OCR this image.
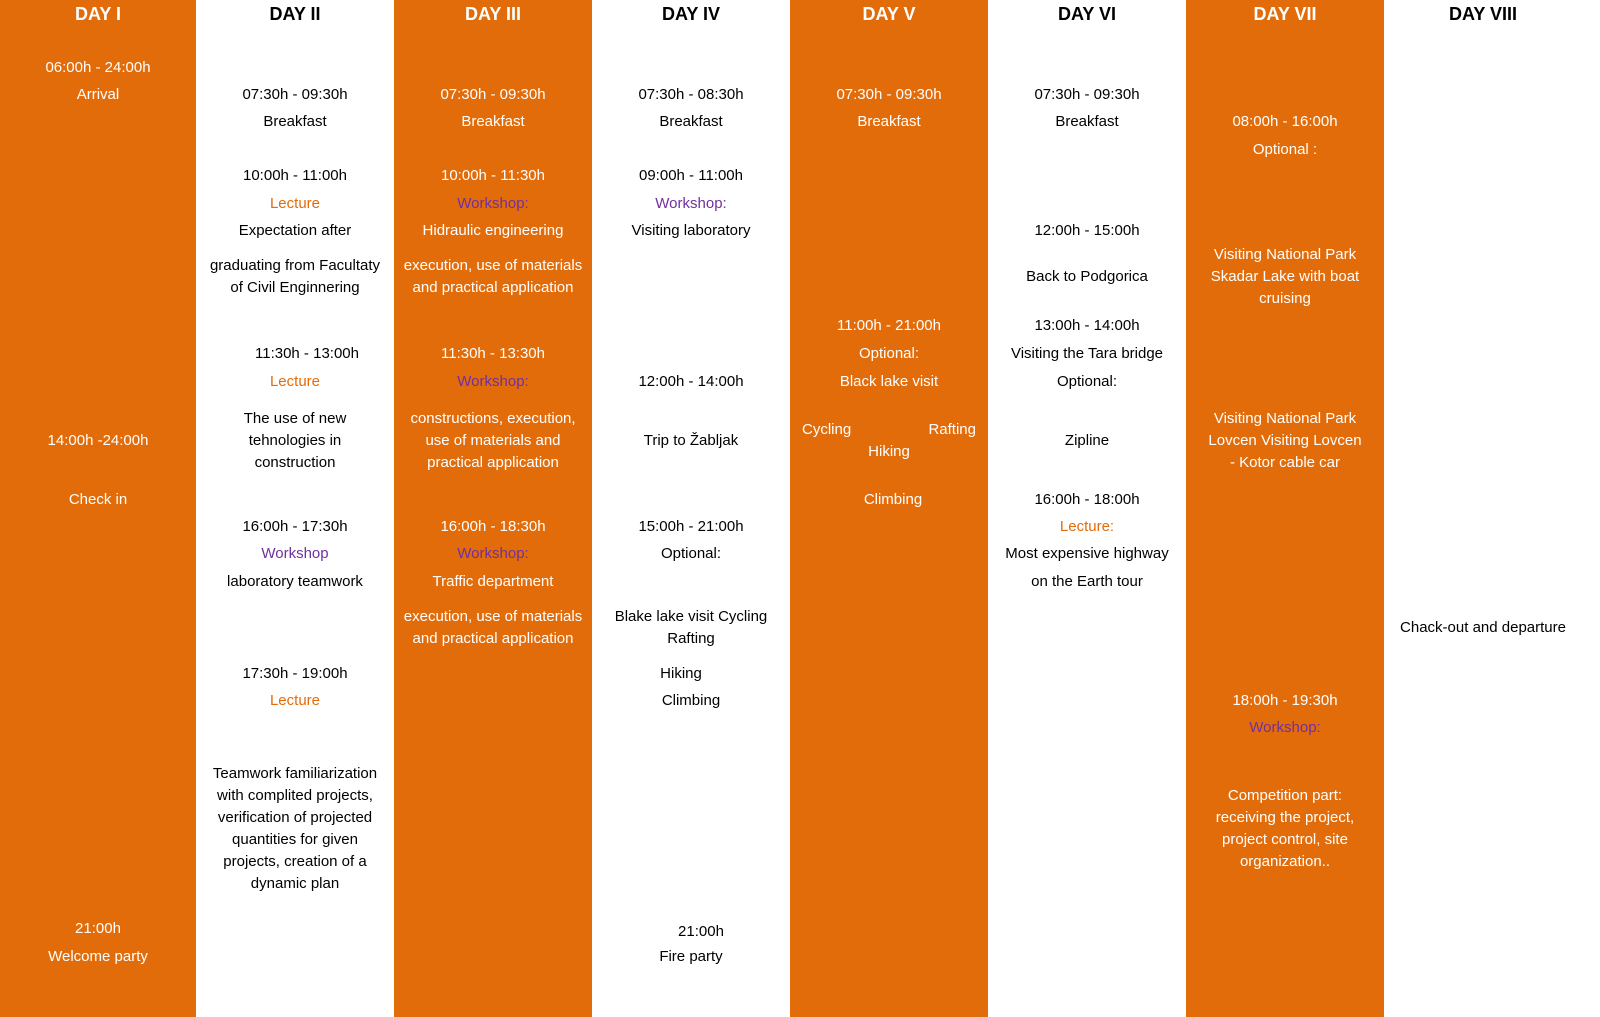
DAY I
06:00h - 24:00h
Arrival
14:00h -24:00h
Check in
21:00h
Welcome party
DAY II
07:30h - 09:30h
Breakfast
10:00h - 11:00h
Lecture
Expectation after
graduating from Facultaty
of Civil Enginnering
11:30h - 13:00h
Lecture
The use of new
tehnologies in
construction
16:00h - 17:30h
Workshop
laboratory teamwork
17:30h - 19:00h
Lecture
Teamwork familiarization
with complited projects,
verification of projected
quantities for given
projects, creation of a
dynamic plan
DAY III
07:30h - 09:30h
Breakfast
10:00h - 11:30h
Workshop:
Hidraulic engineering
execution, use of materials
and practical application
11:30h - 13:30h
Workshop:
constructions, execution,
use of materials and
practical application
16:00h - 18:30h
Workshop:
Traffic department
execution, use of materials
and practical application
DAY IV
07:30h - 08:30h
Breakfast
09:00h - 11:00h
Workshop:
Visiting laboratory
12:00h - 14:00h
Trip to Žabljak
15:00h - 21:00h
Optional:
Blake lake visit Cycling
Rafting
Hiking
Climbing
21:00h
Fire party
DAY V
07:30h - 09:30h
Breakfast
11:00h - 21:00h
Optional:
Black lake visit
Cycling	Rafting
Hiking
Climbing
DAY VI
07:30h - 09:30h
Breakfast
12:00h - 15:00h
Back to Podgorica
13:00h - 14:00h
Visiting the Tara bridge
Optional:
Zipline
16:00h - 18:00h
Lecture:
Most expensive highway
on the Earth tour
DAY VII
08:00h - 16:00h
Optional :
Visiting National Park
Skadar Lake with boat
cruising
Visiting National Park
Lovcen Visiting Lovcen
- Kotor cable car
18:00h - 19:30h
Workshop:
Competition part:
receiving the project,
project control, site
organization..
DAY VIII
Chack-out and departure
